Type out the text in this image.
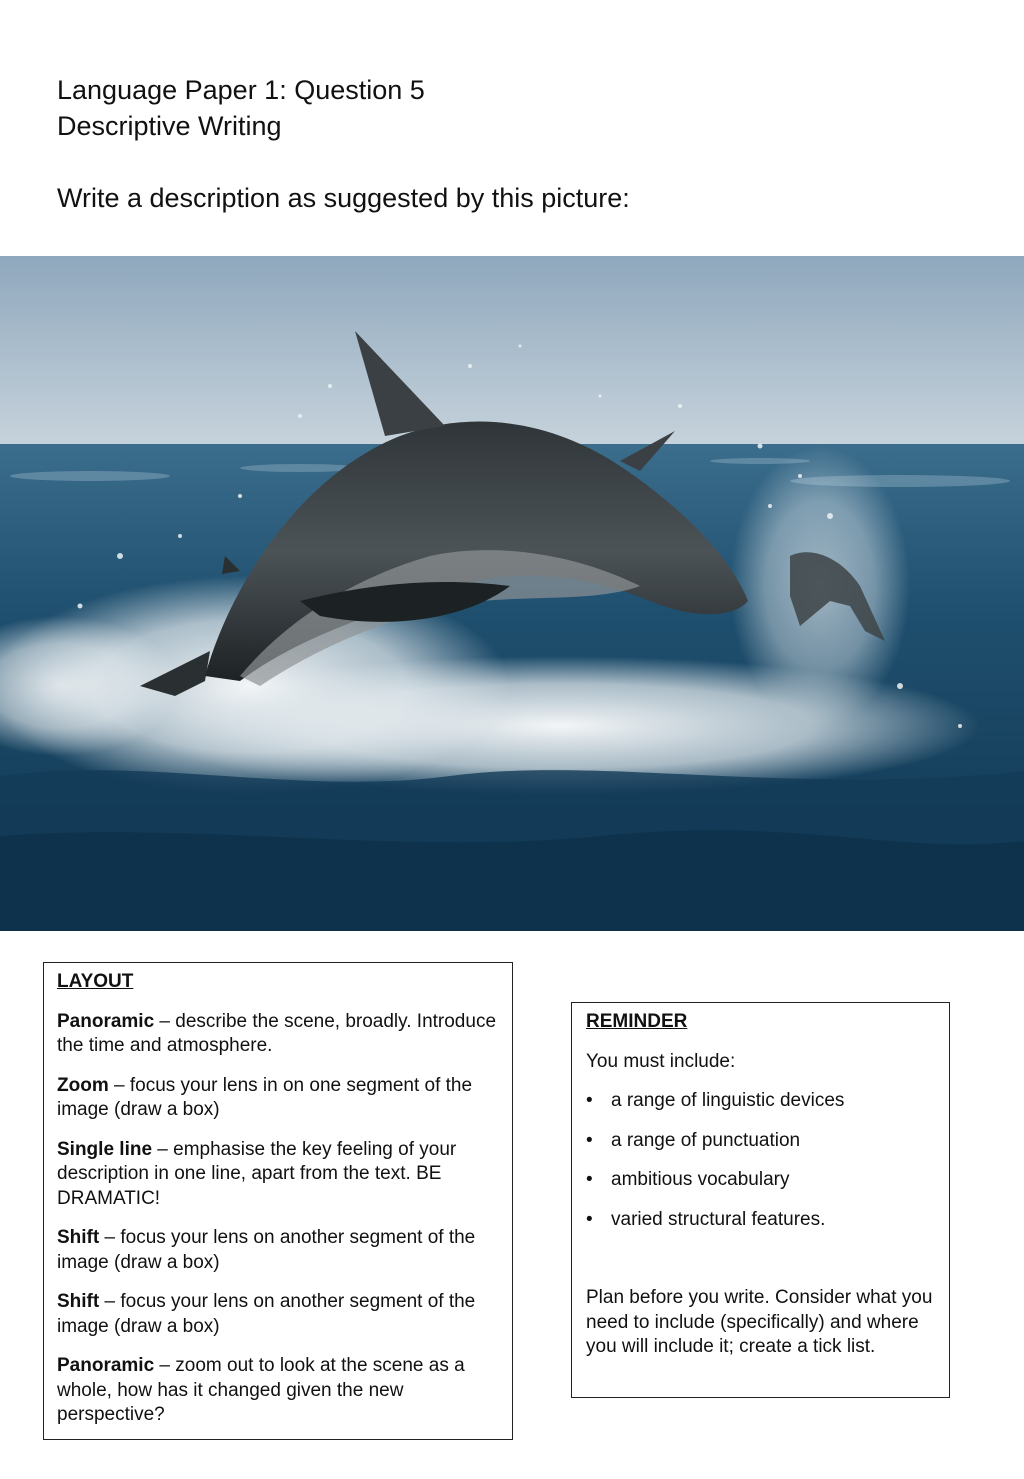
Language Paper 1: Question 5
Descriptive Writing
Write a description as suggested by this picture:
LAYOUT
Panoramic – describe the scene, broadly. Introduce the time and atmosphere.
Zoom – focus your lens in on one segment of the image (draw a box)
Single line – emphasise the key feeling of your description in one line, apart from the text. BE DRAMATIC!
Shift – focus your lens on another segment of the image (draw a box)
Shift – focus your lens on another segment of the image (draw a box)
Panoramic – zoom out to look at the scene as a whole, how has it changed given the new perspective?
REMINDER
You must include:
• a range of linguistic devices
• a range of punctuation
• ambitious vocabulary
• varied structural features.
Plan before you write. Consider what you need to include (specifically) and where you will include it; create a tick list.
